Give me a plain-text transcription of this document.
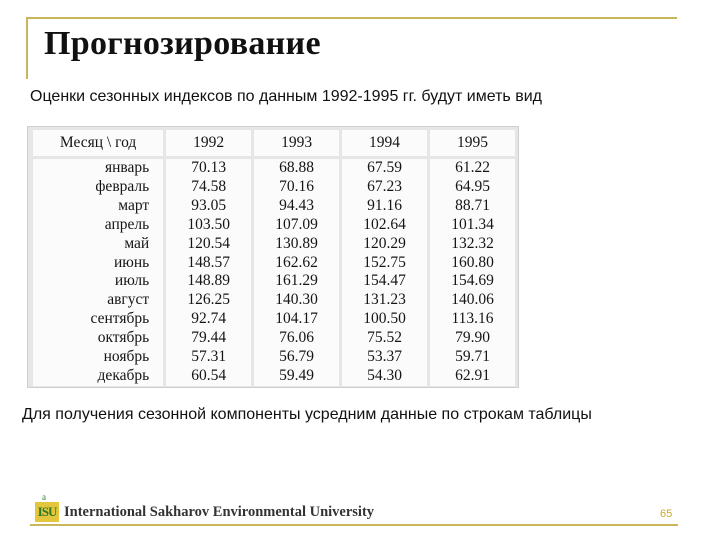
Прогнозирование
Оценки сезонных индексов по данным 1992-1995 гг. будут иметь вид
Месяц \ год	1992	1993	1994	1995
январь	70.13	68.88	67.59	61.22
февраль	74.58	70.16	67.23	64.95
март	93.05	94.43	91.16	88.71
апрель	103.50	107.09	102.64	101.34
май	120.54	130.89	120.29	132.32
июнь	148.57	162.62	152.75	160.80
июль	148.89	161.29	154.47	154.69
август	126.25	140.30	131.23	140.06
сентябрь	92.74	104.17	100.50	113.16
октябрь	79.44	76.06	75.52	79.90
ноябрь	57.31	56.79	53.37	59.71
декабрь	60.54	59.49	54.30	62.91
Для получения сезонной компоненты усредним данные по строкам таблицы
a
ISU International Sakharov Environmental University	65
